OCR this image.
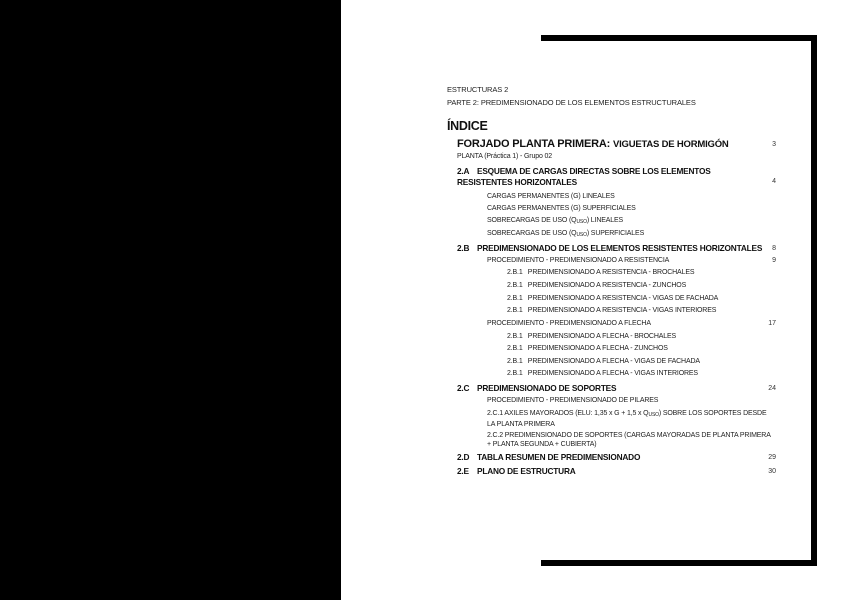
ESTRUCTURAS 2
PARTE 2: PREDIMENSIONADO DE LOS ELEMENTOS ESTRUCTURALES
ÍNDICE
FORJADO PLANTA PRIMERA: VIGUETAS DE HORMIGÓN	3
PLANTA (Práctica 1) - Grupo 02
2.A ESQUEMA DE CARGAS DIRECTAS SOBRE LOS ELEMENTOS RESISTENTES HORIZONTALES	4
CARGAS PERMANENTES (G) LINEALES
CARGAS PERMANENTES (G) SUPERFICIALES
SOBRECARGAS DE USO $(Q_{USO})$ LINEALES
SOBRECARGAS DE USO $(Q_{USO})$ SUPERFICIALES
2.B PREDIMENSIONADO DE LOS ELEMENTOS RESISTENTES HORIZONTALES	8
PROCEDIMIENTO - PREDIMENSIONADO A RESISTENCIA	9
2.B.1 PREDIMENSIONADO A RESISTENCIA - BROCHALES
2.B.1 PREDIMENSIONADO A RESISTENCIA - ZUNCHOS
2.B.1 PREDIMENSIONADO A RESISTENCIA - VIGAS DE FACHADA
2.B.1 PREDIMENSIONADO A RESISTENCIA - VIGAS INTERIORES
PROCEDIMIENTO - PREDIMENSIONADO A FLECHA	17
2.B.1 PREDIMENSIONADO A FLECHA - BROCHALES
2.B.1 PREDIMENSIONADO A FLECHA - ZUNCHOS
2.B.1 PREDIMENSIONADO A FLECHA - VIGAS DE FACHADA
2.B.1 PREDIMENSIONADO A FLECHA - VIGAS INTERIORES
2.C PREDIMENSIONADO DE SOPORTES	24
PROCEDIMIENTO - PREDIMENSIONADO DE PILARES
2.C.1 AXILES MAYORADOS (ELU: 1,35 x G + 1,5 x $Q_{USO}$) SOBRE LOS SOPORTES DESDE LA PLANTA PRIMERA
2.C.2 PREDIMENSIONADO DE SOPORTES (CARGAS MAYORADAS DE PLANTA PRIMERA + PLANTA SEGUNDA + CUBIERTA)
2.D TABLA RESUMEN DE PREDIMENSIONADO	29
2.E PLANO DE ESTRUCTURA	30
